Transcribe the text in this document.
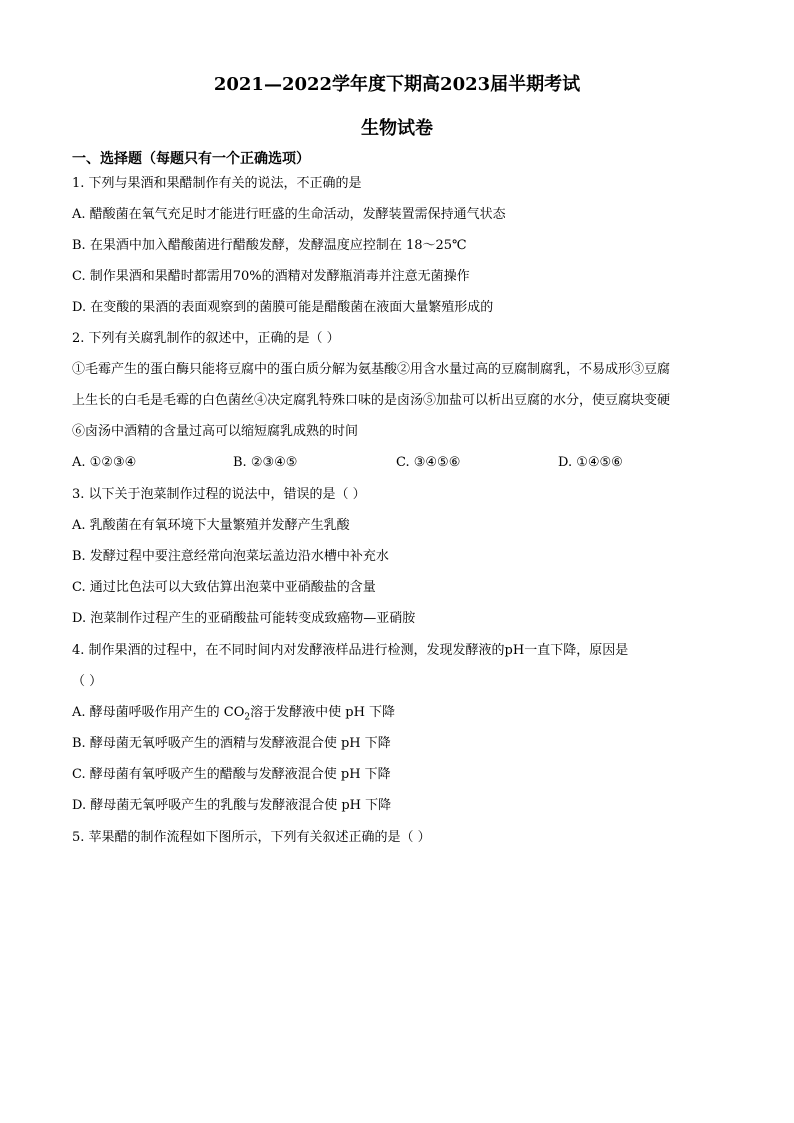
2021—2022学年度下期高2023届半期考试
生物试卷
一、选择题（每题只有一个正确选项）
1. 下列与果酒和果醋制作有关的说法，不正确的是
A. 醋酸菌在氧气充足时才能进行旺盛的生命活动，发酵装置需保持通气状态
B. 在果酒中加入醋酸菌进行醋酸发酵，发酵温度应控制在 18～25℃
C. 制作果酒和果醋时都需用70%的酒精对发酵瓶消毒并注意无菌操作
D. 在变酸的果酒的表面观察到的菌膜可能是醋酸菌在液面大量繁殖形成的
2. 下列有关腐乳制作的叙述中，正确的是（ ）
①毛霉产生的蛋白酶只能将豆腐中的蛋白质分解为氨基酸②用含水量过高的豆腐制腐乳，不易成形③豆腐
上生长的白毛是毛霉的白色菌丝④决定腐乳特殊口味的是卤汤⑤加盐可以析出豆腐的水分，使豆腐块变硬
⑥卤汤中酒精的含量过高可以缩短腐乳成熟的时间
A. ①②③④	B. ②③④⑤	C. ③④⑤⑥	D. ①④⑤⑥
3. 以下关于泡菜制作过程的说法中，错误的是（ ）
A. 乳酸菌在有氧环境下大量繁殖并发酵产生乳酸
B. 发酵过程中要注意经常向泡菜坛盖边沿水槽中补充水
C. 通过比色法可以大致估算出泡菜中亚硝酸盐的含量
D. 泡菜制作过程产生的亚硝酸盐可能转变成致癌物—亚硝胺
4. 制作果酒的过程中，在不同时间内对发酵液样品进行检测，发现发酵液的pH一直下降，原因是
（ ）
A. 酵母菌呼吸作用产生的 $CO_2$溶于发酵液中使 pH 下降
B. 酵母菌无氧呼吸产生的酒精与发酵液混合使 pH 下降
C. 酵母菌有氧呼吸产生的醋酸与发酵液混合使 pH 下降
D. 酵母菌无氧呼吸产生的乳酸与发酵液混合使 pH 下降
5. 苹果醋的制作流程如下图所示，下列有关叙述正确的是（ ）
